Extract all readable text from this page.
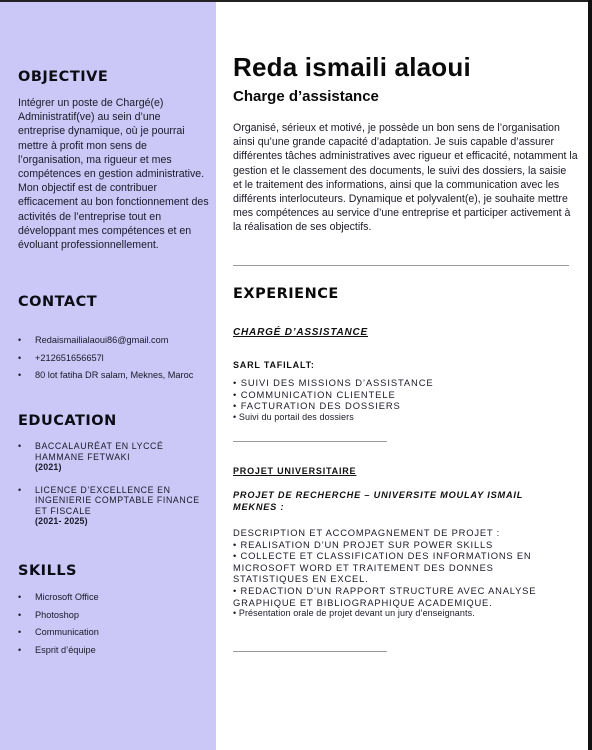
OBJECTIVE
Intégrer un poste de Chargé(e) Administratif(ve) au sein d’une entreprise dynamique, où je pourrai mettre à profit mon sens de l’organisation, ma rigueur et mes compétences en gestion administrative. Mon objectif est de contribuer efficacement au bon fonctionnement des activités de l’entreprise tout en développant mes compétences et en évoluant professionnellement.
CONTACT
• Redaismailialaoui86@gmail.com
• +212651656657l
• 80 lot fatiha DR salam, Meknes, Maroc
EDUCATION
• BACCALAURÉAT EN LYCCÉ HAMMANE FETWAKI
(2021)
• LICENCE D’EXCELLENCE EN INGENIERIE COMPTABLE FINANCE ET FISCALE
(2021- 2025)
SKILLS
• Microsoft Office
• Photoshop
• Communication
• Esprit d’équipe
Reda ismaili alaoui
Charge d’assistance
Organisé, sérieux et motivé, je possède un bon sens de l’organisation ainsi qu’une grande capacité d’adaptation. Je suis capable d’assurer différentes tâches administratives avec rigueur et efficacité, notamment la gestion et le classement des documents, le suivi des dossiers, la saisie et le traitement des informations, ainsi que la communication avec les différents interlocuteurs. Dynamique et polyvalent(e), je souhaite mettre mes compétences au service d’une entreprise et participer activement à la réalisation de ses objectifs.
EXPERIENCE
CHARGÉ D’ASSISTANCE
SARL TAFILALT:
• SUIVI DES MISSIONS D’ASSISTANCE
• COMMUNICATION CLIENTELE
• FACTURATION DES DOSSIERS
• Suivi du portail des dossiers
PROJET UNIVERSITAIRE
PROJET DE RECHERCHE – UNIVERSITE MOULAY ISMAIL MEKNES :
DESCRIPTION ET ACCOMPAGNEMENT DE PROJET :
• REALISATION D’UN PROJET SUR POWER SKILLS
• COLLECTE ET CLASSIFICATION DES INFORMATIONS EN MICROSOFT WORD ET TRAITEMENT DES DONNES STATISTIQUES EN EXCEL.
• REDACTION D’UN RAPPORT STRUCTURE AVEC ANALYSE GRAPHIQUE ET BIBLIOGRAPHIQUE ACADEMIQUE.
• Présentation orale de projet devant un jury d’enseignants.
